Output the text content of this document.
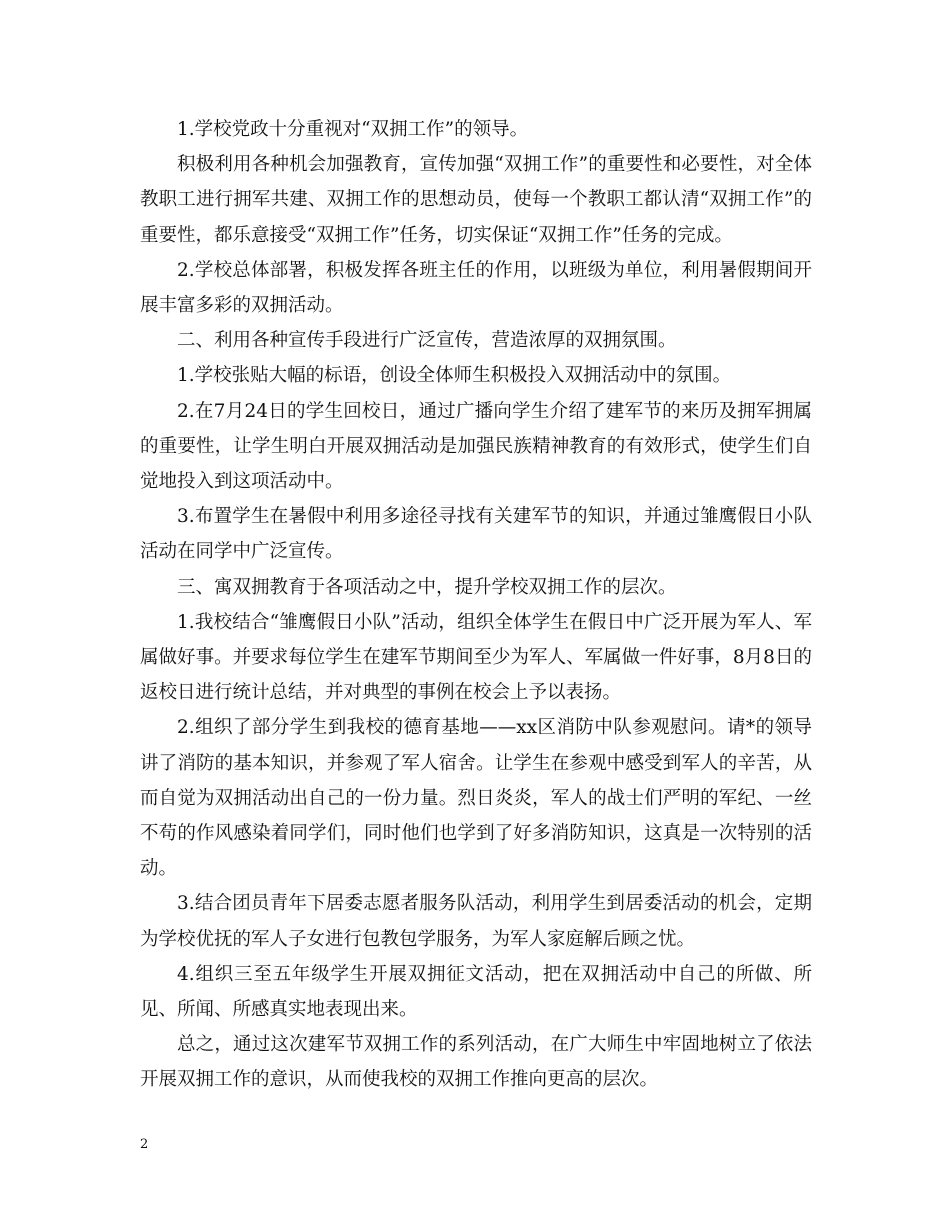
1.学校党政十分重视对“双拥工作”的领导。

积极利用各种机会加强教育，宣传加强“双拥工作”的重要性和必要性，对全体教职工进行拥军共建、双拥工作的思想动员，使每一个教职工都认清“双拥工作”的重要性，都乐意接受“双拥工作”任务，切实保证“双拥工作”任务的完成。

2.学校总体部署，积极发挥各班主任的作用，以班级为单位，利用暑假期间开展丰富多彩的双拥活动。

二、利用各种宣传手段进行广泛宣传，营造浓厚的双拥氛围。

1.学校张贴大幅的标语，创设全体师生积极投入双拥活动中的氛围。

2.在7月24日的学生回校日，通过广播向学生介绍了建军节的来历及拥军拥属的重要性，让学生明白开展双拥活动是加强民族精神教育的有效形式，使学生们自觉地投入到这项活动中。

3.布置学生在暑假中利用多途径寻找有关建军节的知识，并通过雏鹰假日小队活动在同学中广泛宣传。

三、寓双拥教育于各项活动之中，提升学校双拥工作的层次。

1.我校结合“雏鹰假日小队”活动，组织全体学生在假日中广泛开展为军人、军属做好事。并要求每位学生在建军节期间至少为军人、军属做一件好事，8月8日的返校日进行统计总结，并对典型的事例在校会上予以表扬。

2.组织了部分学生到我校的德育基地——xx区消防中队参观慰问。请*的领导讲了消防的基本知识，并参观了军人宿舍。让学生在参观中感受到军人的辛苦，从而自觉为双拥活动出自己的一份力量。烈日炎炎，军人的战士们严明的军纪、一丝不苟的作风感染着同学们，同时他们也学到了好多消防知识，这真是一次特别的活动。

3.结合团员青年下居委志愿者服务队活动，利用学生到居委活动的机会，定期为学校优抚的军人子女进行包教包学服务，为军人家庭解后顾之忧。

4.组织三至五年级学生开展双拥征文活动，把在双拥活动中自己的所做、所见、所闻、所感真实地表现出来。

总之，通过这次建军节双拥工作的系列活动，在广大师生中牢固地树立了依法开展双拥工作的意识，从而使我校的双拥工作推向更高的层次。

2
